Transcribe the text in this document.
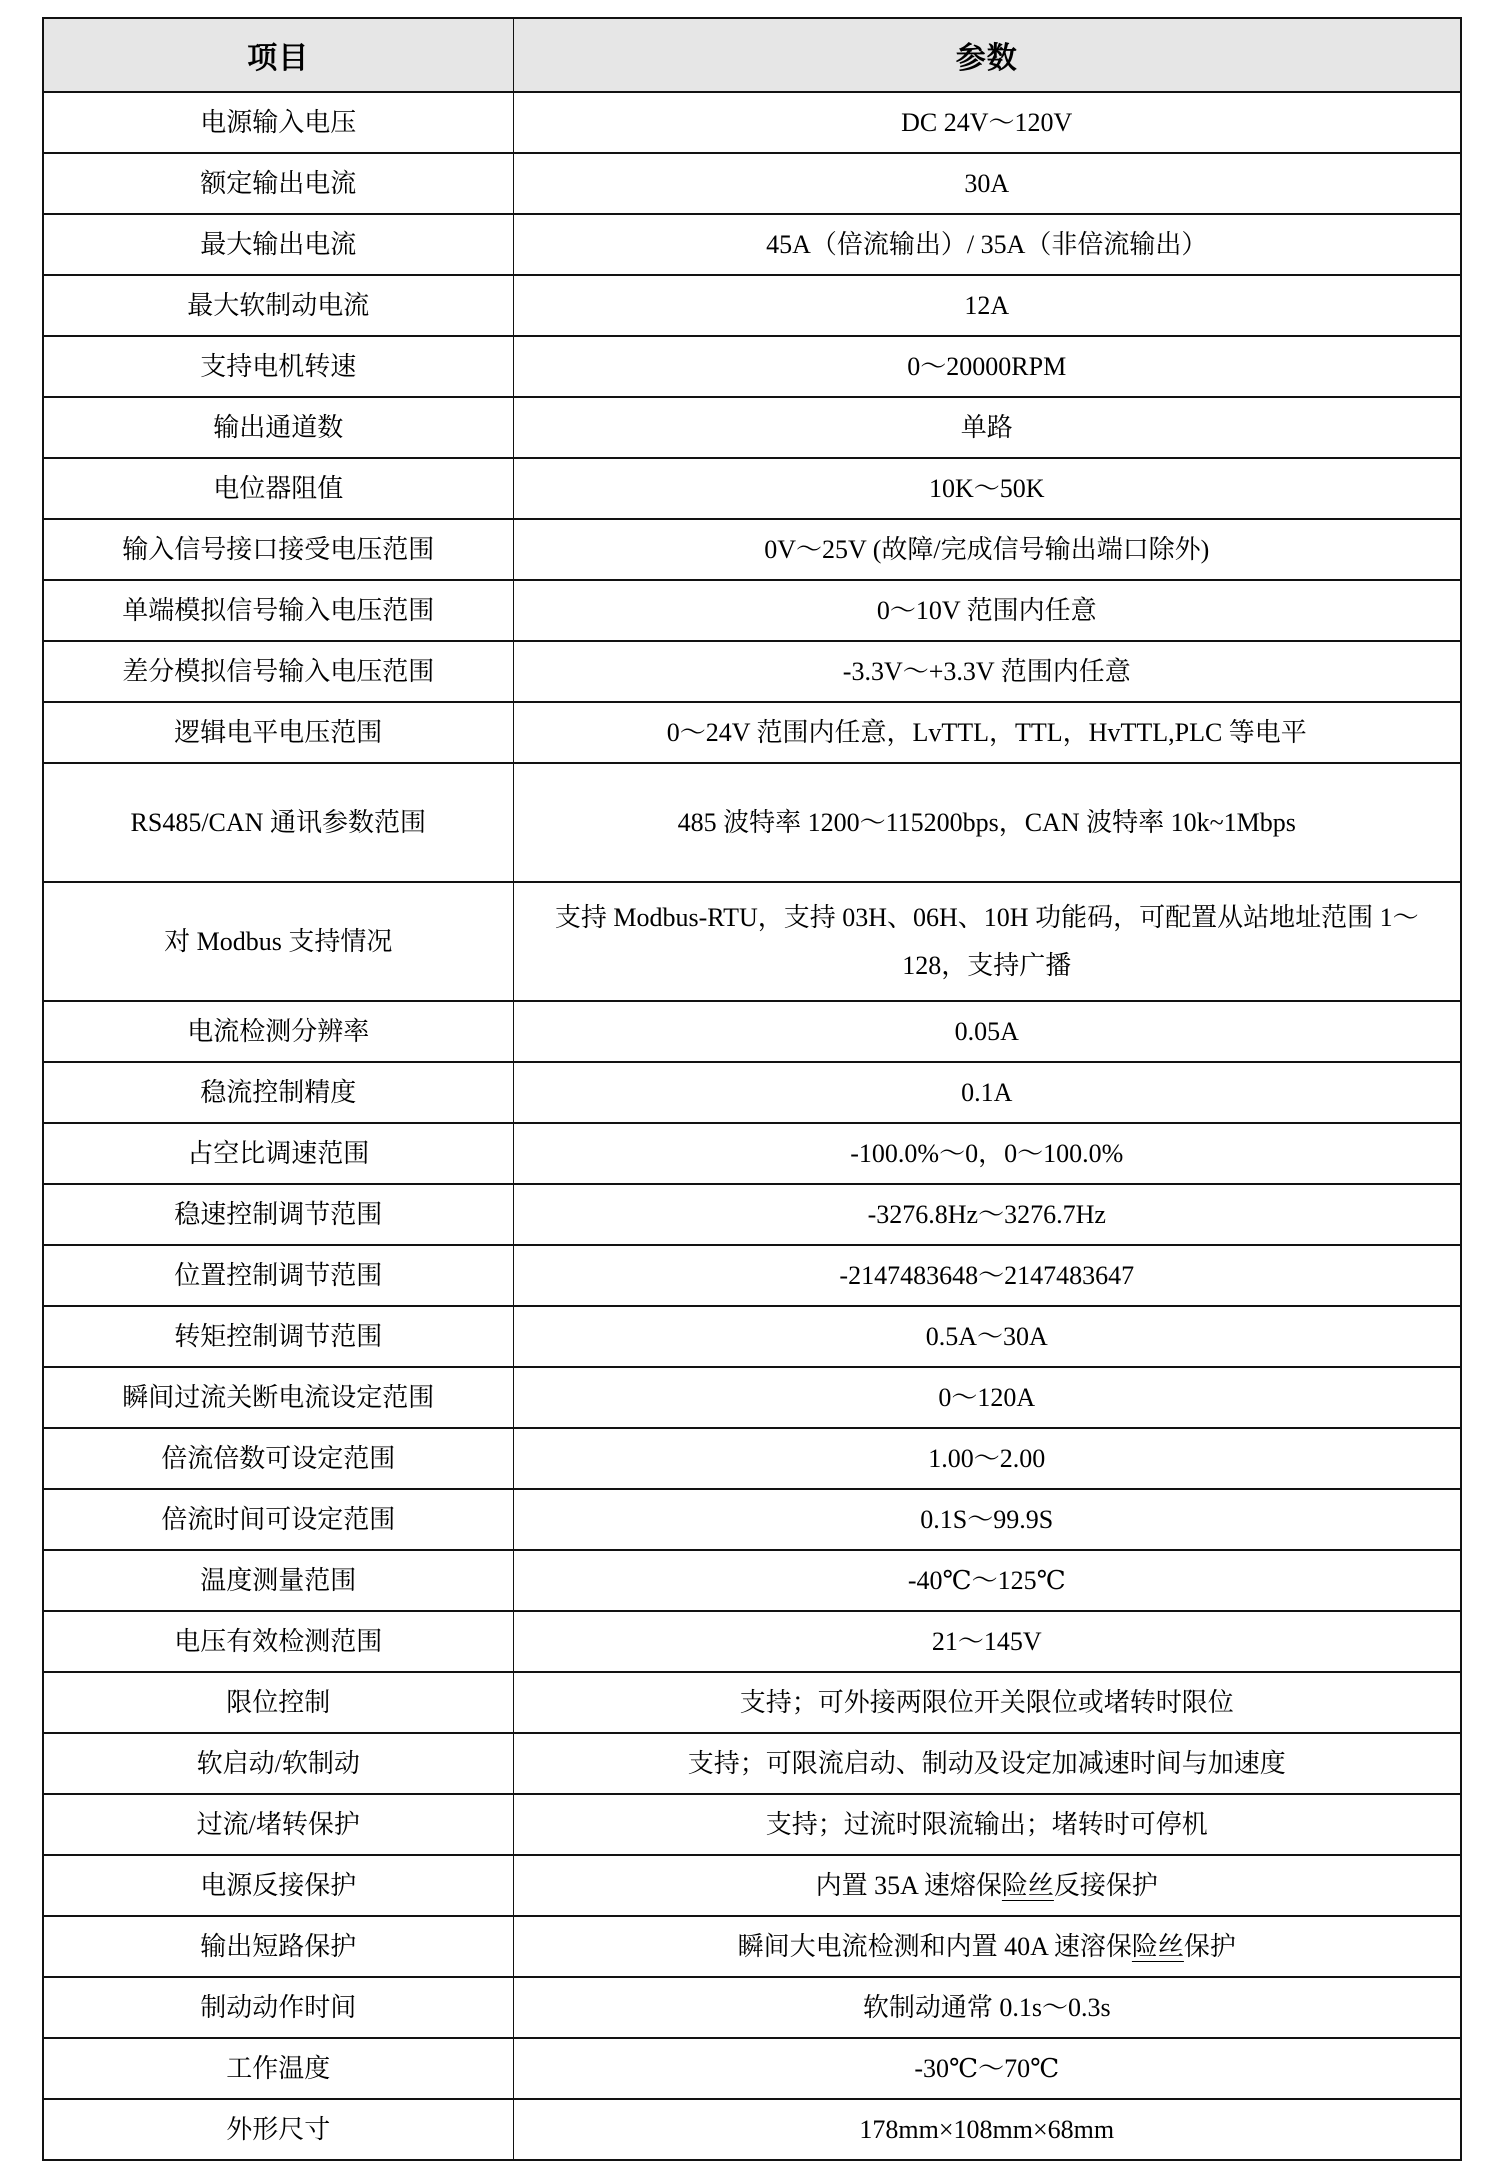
项目	参数
电源输入电压	DC 24V～120V
额定输出电流	30A
最大输出电流	45A（倍流输出）/ 35A（非倍流输出）
最大软制动电流	12A
支持电机转速	0～20000RPM
输出通道数	单路
电位器阻值	10K～50K
输入信号接口接受电压范围	0V～25V (故障/完成信号输出端口除外)
单端模拟信号输入电压范围	0～10V 范围内任意
差分模拟信号输入电压范围	-3.3V～+3.3V 范围内任意
逻辑电平电压范围	0～24V 范围内任意，LvTTL，TTL，HvTTL,PLC 等电平
RS485/CAN 通讯参数范围	485 波特率 1200～115200bps，CAN 波特率 10k~1Mbps
对 Modbus 支持情况	支持 Modbus-RTU，支持 03H、06H、10H 功能码，可配置从站地址范围 1～128，支持广播
电流检测分辨率	0.05A
稳流控制精度	0.1A
占空比调速范围	-100.0%～0，0～100.0%
稳速控制调节范围	-3276.8Hz～3276.7Hz
位置控制调节范围	-2147483648～2147483647
转矩控制调节范围	0.5A～30A
瞬间过流关断电流设定范围	0～120A
倍流倍数可设定范围	1.00～2.00
倍流时间可设定范围	0.1S～99.9S
温度测量范围	-40℃～125℃
电压有效检测范围	21～145V
限位控制	支持；可外接两限位开关限位或堵转时限位
软启动/软制动	支持；可限流启动、制动及设定加减速时间与加速度
过流/堵转保护	支持；过流时限流输出；堵转时可停机
电源反接保护	内置 35A 速熔保险丝反接保护
输出短路保护	瞬间大电流检测和内置 40A 速溶保险丝保护
制动动作时间	软制动通常 0.1s～0.3s
工作温度	-30℃～70℃
外形尺寸	178mm×108mm×68mm
